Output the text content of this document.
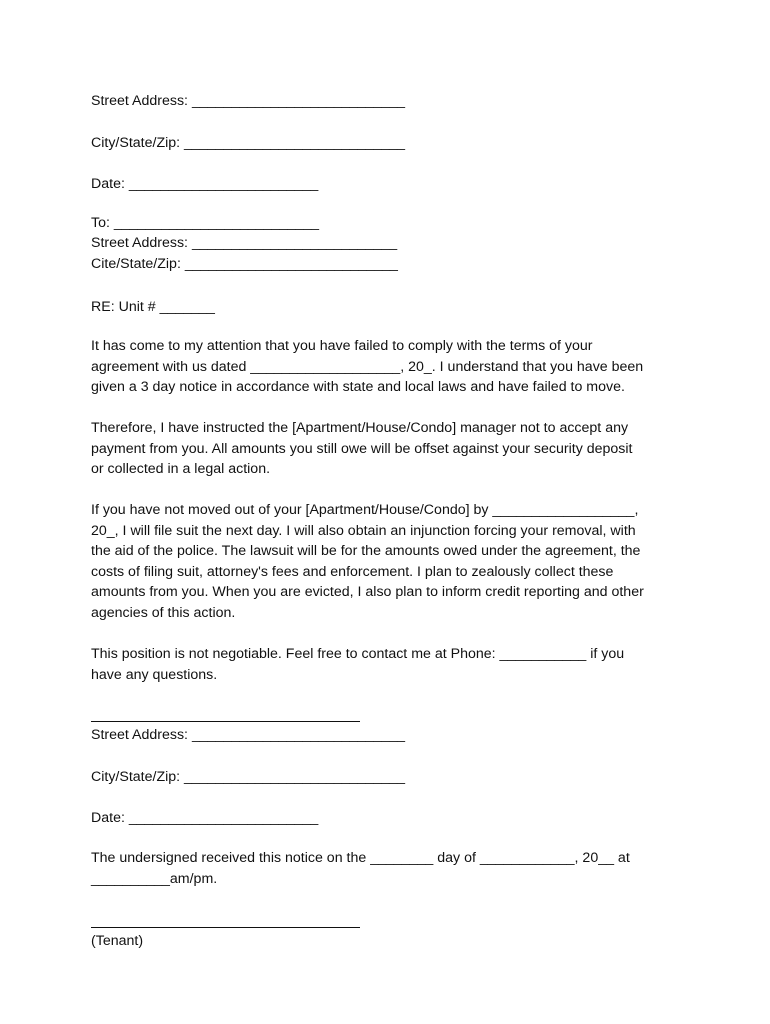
Street Address: ___________________________
City/State/Zip: ____________________________
Date: ________________________
To: __________________________
Street Address: __________________________
Cite/State/Zip: ___________________________
RE: Unit # _______
It has come to my attention that you have failed to comply with the terms of your
agreement with us dated ___________________, 20_. I understand that you have been
given a 3 day notice in accordance with state and local laws and have failed to move.
Therefore, I have instructed the [Apartment/House/Condo] manager not to accept any
payment from you. All amounts you still owe will be offset against your security deposit
or collected in a legal action.
If you have not moved out of your [Apartment/House/Condo] by __________________,
20_, I will file suit the next day. I will also obtain an injunction forcing your removal, with
the aid of the police. The lawsuit will be for the amounts owed under the agreement, the
costs of filing suit, attorney's fees and enforcement. I plan to zealously collect these
amounts from you. When you are evicted, I also plan to inform credit reporting and other
agencies of this action.
This position is not negotiable. Feel free to contact me at Phone: ___________ if you
have any questions.
Street Address: ___________________________
City/State/Zip: ____________________________
Date: ________________________
The undersigned received this notice on the ________ day of ____________, 20__ at
__________am/pm.
(Tenant)
